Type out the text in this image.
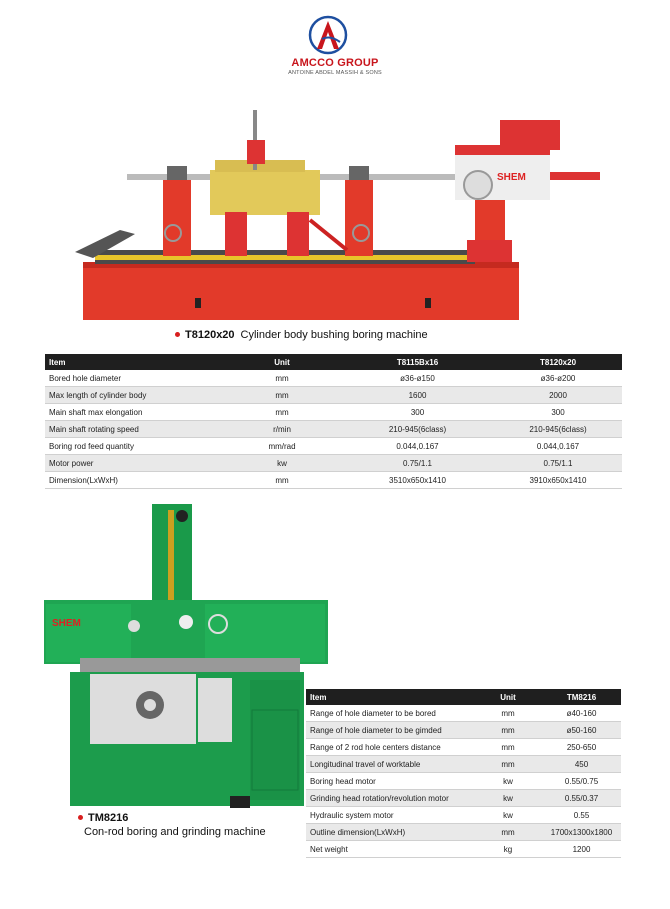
AMCCO GROUP
ANTOINE ABDEL MASSIH & SONS
SHEM
T8120x20 Cylinder body bushing boring machine
Item	Unit	T8115Bx16	T8120x20
Bored hole diameter	mm	ø36-ø150	ø36-ø200
Max length of cylinder body	mm	1600	2000
Main shaft max elongation	mm	300	300
Main shaft rotating speed	r/min	210-945(6class)	210-945(6class)
Boring rod feed quantity	mm/rad	0.044,0.167	0.044,0.167
Motor power	kw	0.75/1.1	0.75/1.1
Dimension(LxWxH)	mm	3510x650x1410	3910x650x1410
SHEM
TM8216
Con-rod boring and grinding machine
Item	Unit	TM8216
Range of hole diameter to be bored	mm	ø40-160
Range of hole diameter to be gimded	mm	ø50-160
Range of 2 rod hole centers distance	mm	250-650
Longitudinal travel of worktable	mm	450
Boring head motor	kw	0.55/0.75
Grinding head rotation/revolution motor	kw	0.55/0.37
Hydraulic system motor	kw	0.55
Outline dimension(LxWxH)	mm	1700x1300x1800
Net weight	kg	1200
